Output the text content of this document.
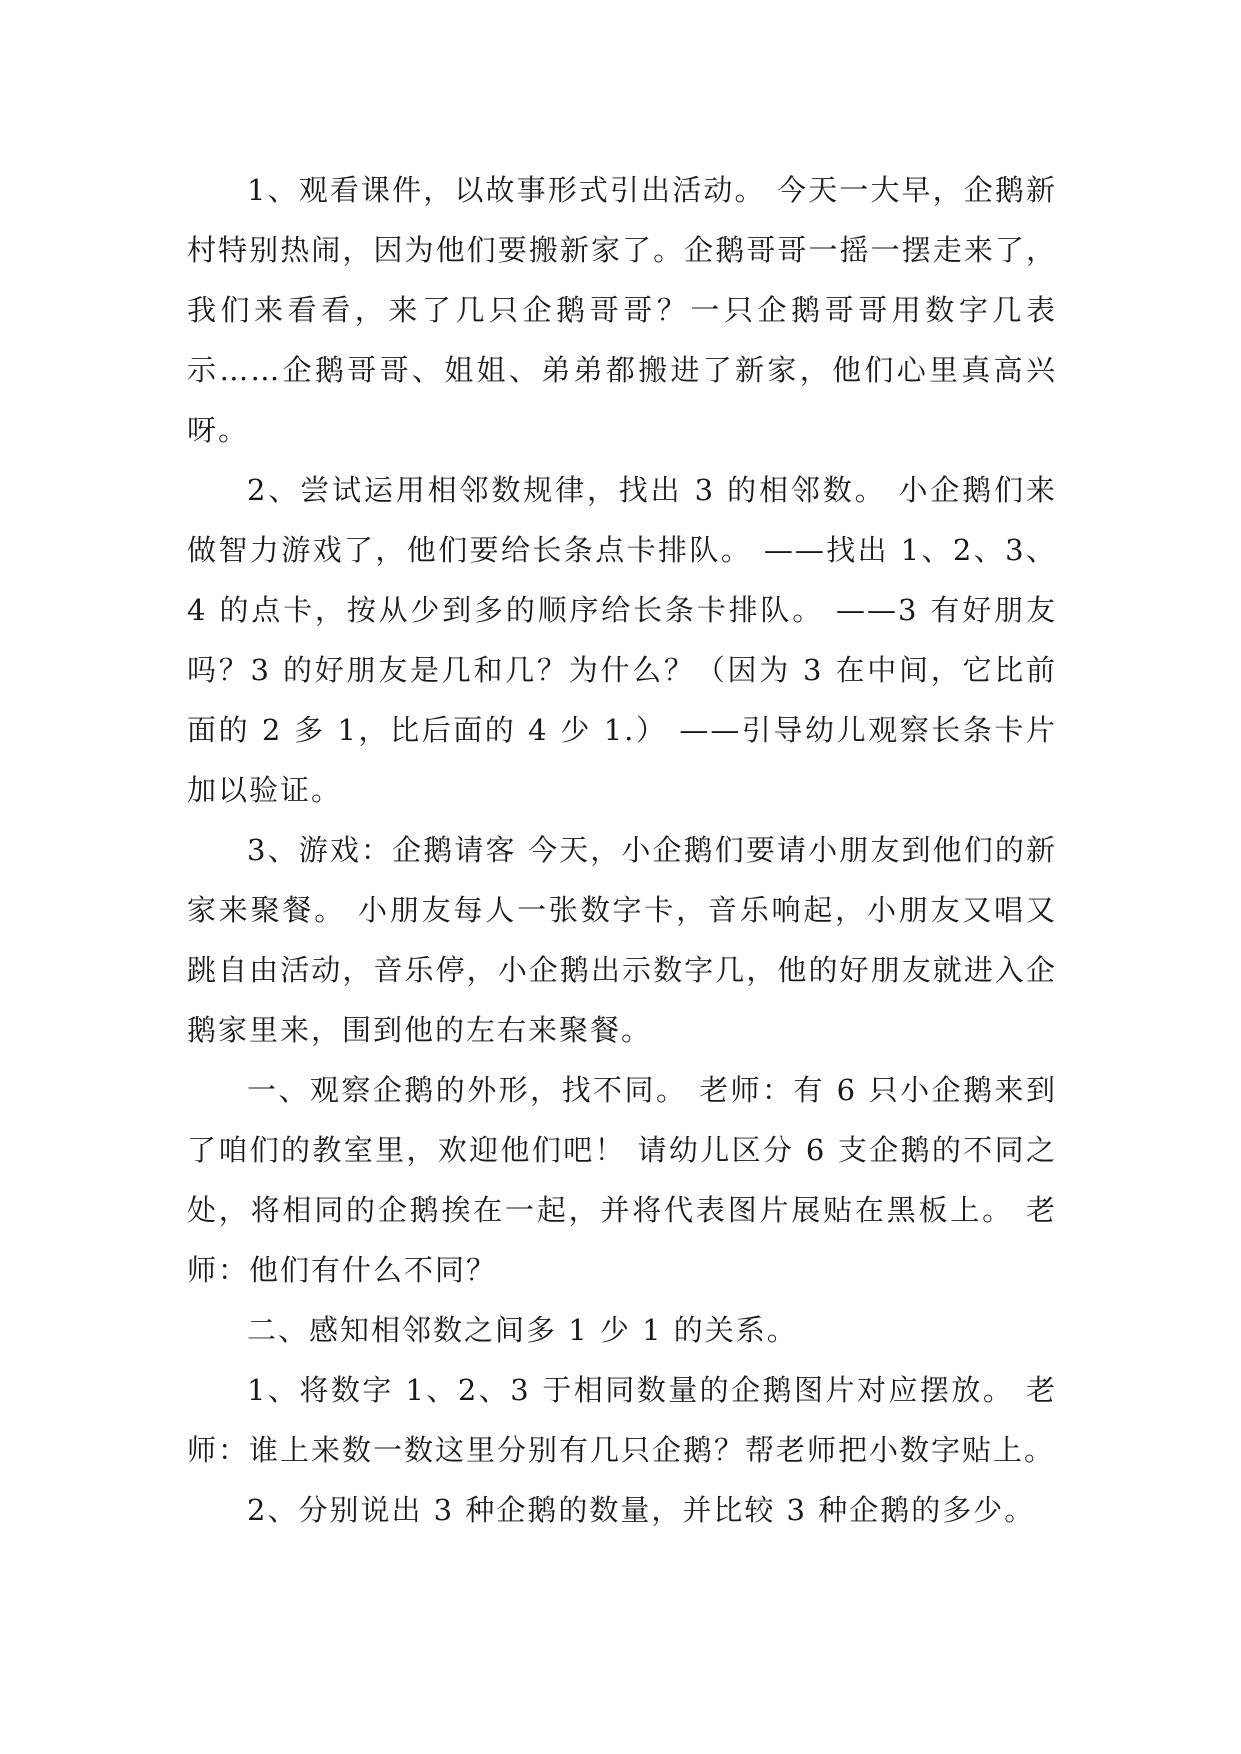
1、观看课件，以故事形式引出活动。 今天一大早，企鹅新村特别热闹，因为他们要搬新家了。企鹅哥哥一摇一摆走来了，我们来看看，来了几只企鹅哥哥？一只企鹅哥哥用数字几表示……企鹅哥哥、姐姐、弟弟都搬进了新家，他们心里真高兴呀。

2、尝试运用相邻数规律，找出 3 的相邻数。 小企鹅们来做智力游戏了，他们要给长条点卡排队。 ——找出 1、2、3、4 的点卡，按从少到多的顺序给长条卡排队。 ——3 有好朋友吗？3 的好朋友是几和几？为什么？（因为 3 在中间，它比前面的 2 多 1，比后面的 4 少 1.） ——引导幼儿观察长条卡片加以验证。

3、游戏：企鹅请客 今天，小企鹅们要请小朋友到他们的新家来聚餐。 小朋友每人一张数字卡，音乐响起，小朋友又唱又跳自由活动，音乐停，小企鹅出示数字几，他的好朋友就进入企鹅家里来，围到他的左右来聚餐。

一、观察企鹅的外形，找不同。 老师：有 6 只小企鹅来到了咱们的教室里，欢迎他们吧！ 请幼儿区分 6 支企鹅的不同之处，将相同的企鹅挨在一起，并将代表图片展贴在黑板上。 老师：他们有什么不同？

二、感知相邻数之间多 1 少 1 的关系。

1、将数字 1、2、3 于相同数量的企鹅图片对应摆放。 老师：谁上来数一数这里分别有几只企鹅？帮老师把小数字贴上。

2、分别说出 3 种企鹅的数量，并比较 3 种企鹅的多少。
